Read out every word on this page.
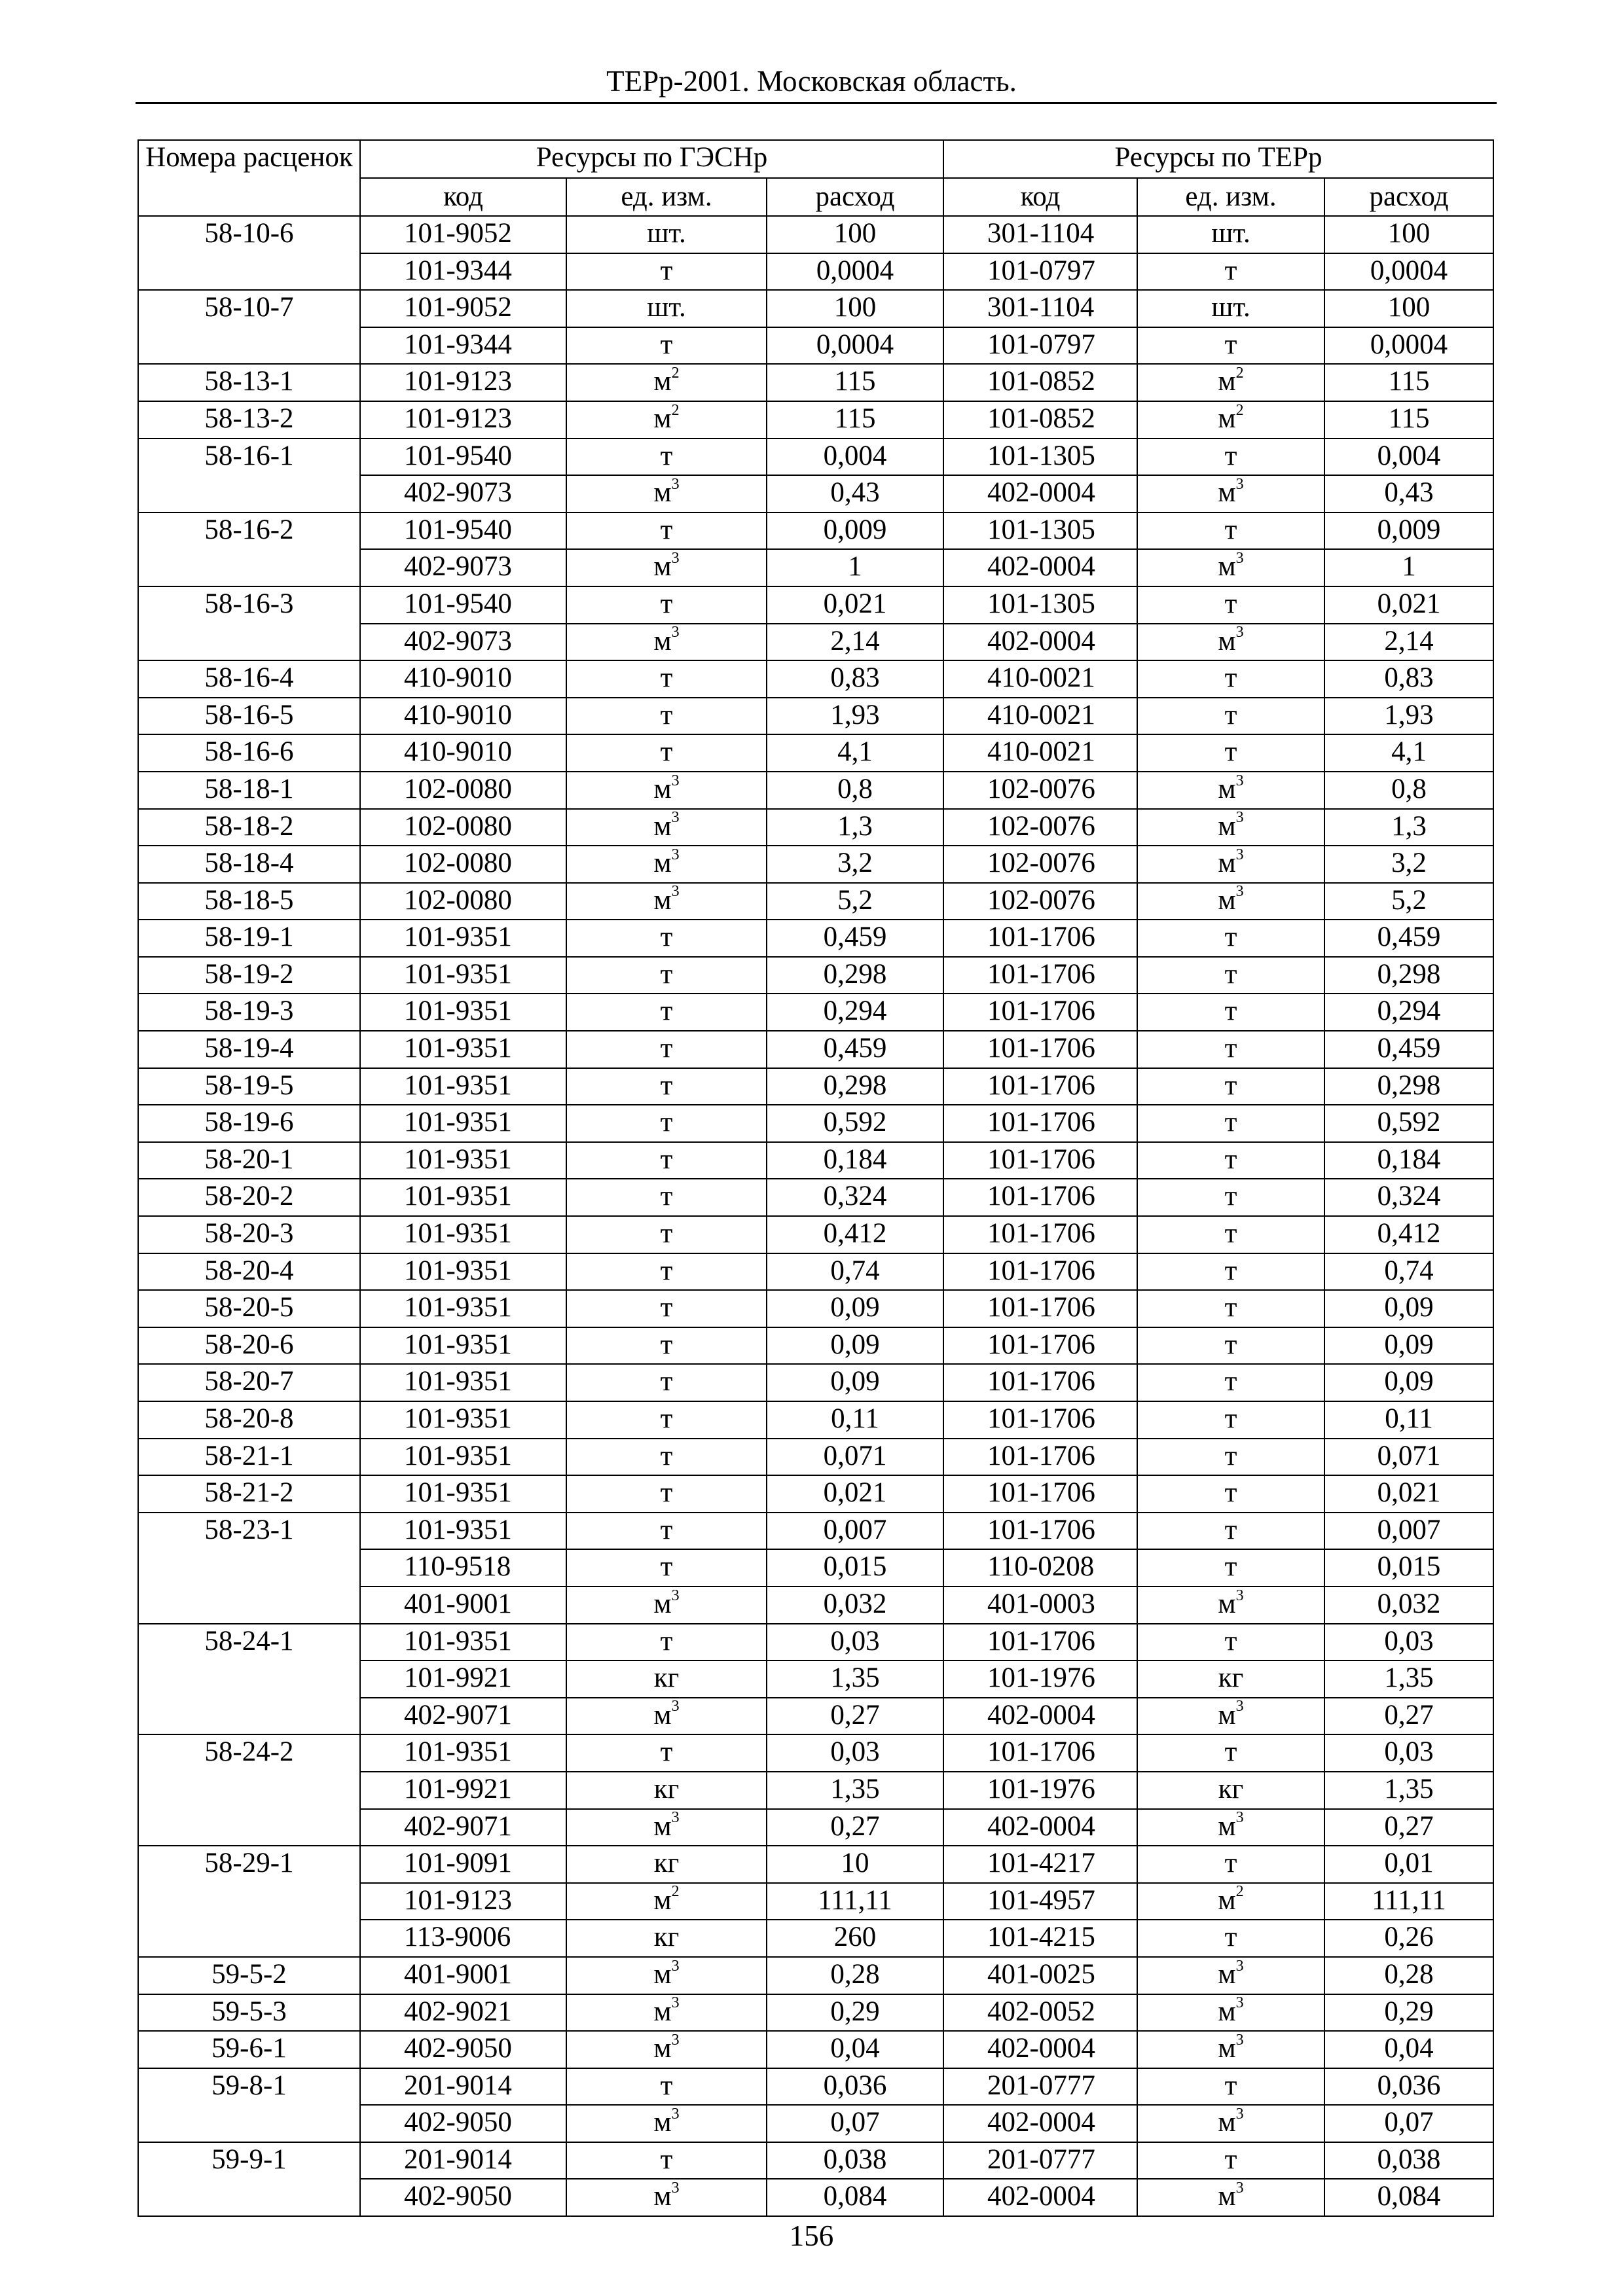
ТЕРр-2001. Московская область.
Номера расценок	Ресурсы по ГЭСНр			Ресурсы по ТЕРр		
	код	ед. изм.	расход	код	ед. изм.	расход
58-10-6	101-9052	шт.	100	301-1104	шт.	100
	101-9344	т	0,0004	101-0797	т	0,0004
58-10-7	101-9052	шт.	100	301-1104	шт.	100
	101-9344	т	0,0004	101-0797	т	0,0004
58-13-1	101-9123	$м^2$	115	101-0852	$м^2$	115
58-13-2	101-9123	$м^2$	115	101-0852	$м^2$	115
58-16-1	101-9540	т	0,004	101-1305	т	0,004
	402-9073	$м^3$	0,43	402-0004	$м^3$	0,43
58-16-2	101-9540	т	0,009	101-1305	т	0,009
	402-9073	$м^3$	1	402-0004	$м^3$	1
58-16-3	101-9540	т	0,021	101-1305	т	0,021
	402-9073	$м^3$	2,14	402-0004	$м^3$	2,14
58-16-4	410-9010	т	0,83	410-0021	т	0,83
58-16-5	410-9010	т	1,93	410-0021	т	1,93
58-16-6	410-9010	т	4,1	410-0021	т	4,1
58-18-1	102-0080	$м^3$	0,8	102-0076	$м^3$	0,8
58-18-2	102-0080	$м^3$	1,3	102-0076	$м^3$	1,3
58-18-4	102-0080	$м^3$	3,2	102-0076	$м^3$	3,2
58-18-5	102-0080	$м^3$	5,2	102-0076	$м^3$	5,2
58-19-1	101-9351	т	0,459	101-1706	т	0,459
58-19-2	101-9351	т	0,298	101-1706	т	0,298
58-19-3	101-9351	т	0,294	101-1706	т	0,294
58-19-4	101-9351	т	0,459	101-1706	т	0,459
58-19-5	101-9351	т	0,298	101-1706	т	0,298
58-19-6	101-9351	т	0,592	101-1706	т	0,592
58-20-1	101-9351	т	0,184	101-1706	т	0,184
58-20-2	101-9351	т	0,324	101-1706	т	0,324
58-20-3	101-9351	т	0,412	101-1706	т	0,412
58-20-4	101-9351	т	0,74	101-1706	т	0,74
58-20-5	101-9351	т	0,09	101-1706	т	0,09
58-20-6	101-9351	т	0,09	101-1706	т	0,09
58-20-7	101-9351	т	0,09	101-1706	т	0,09
58-20-8	101-9351	т	0,11	101-1706	т	0,11
58-21-1	101-9351	т	0,071	101-1706	т	0,071
58-21-2	101-9351	т	0,021	101-1706	т	0,021
58-23-1	101-9351	т	0,007	101-1706	т	0,007
	110-9518	т	0,015	110-0208	т	0,015
	401-9001	$м^3$	0,032	401-0003	$м^3$	0,032
58-24-1	101-9351	т	0,03	101-1706	т	0,03
	101-9921	кг	1,35	101-1976	кг	1,35
	402-9071	$м^3$	0,27	402-0004	$м^3$	0,27
58-24-2	101-9351	т	0,03	101-1706	т	0,03
	101-9921	кг	1,35	101-1976	кг	1,35
	402-9071	$м^3$	0,27	402-0004	$м^3$	0,27
58-29-1	101-9091	кг	10	101-4217	т	0,01
	101-9123	$м^2$	111,11	101-4957	$м^2$	111,11
	113-9006	кг	260	101-4215	т	0,26
59-5-2	401-9001	$м^3$	0,28	401-0025	$м^3$	0,28
59-5-3	402-9021	$м^3$	0,29	402-0052	$м^3$	0,29
59-6-1	402-9050	$м^3$	0,04	402-0004	$м^3$	0,04
59-8-1	201-9014	т	0,036	201-0777	т	0,036
	402-9050	$м^3$	0,07	402-0004	$м^3$	0,07
59-9-1	201-9014	т	0,038	201-0777	т	0,038
	402-9050	$м^3$	0,084	402-0004	$м^3$	0,084
156
